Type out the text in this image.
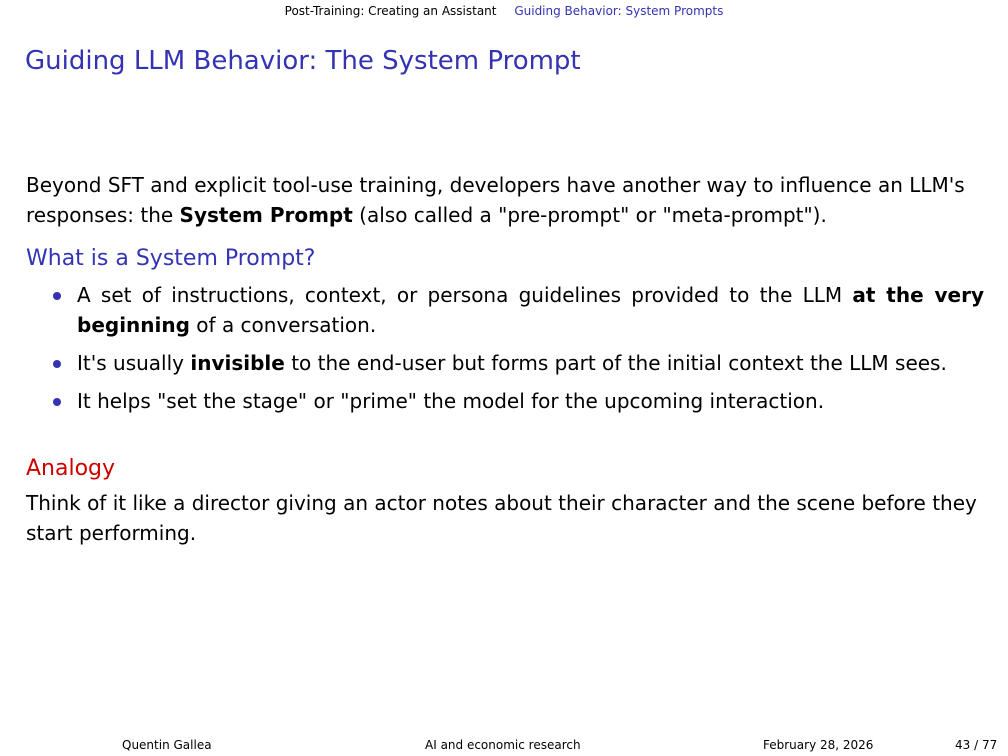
Post-Training: Creating an Assistant Guiding Behavior: System Prompts
Guiding LLM Behavior: The System Prompt

Beyond SFT and explicit tool-use training, developers have another way to influence an LLM's responses: the System Prompt (also called a "pre-prompt" or "meta-prompt").

What is a System Prompt?
A set of instructions, context, or persona guidelines provided to the LLM at the very beginning of a conversation.
It's usually invisible to the end-user but forms part of the initial context the LLM sees.
It helps "set the stage" or "prime" the model for the upcoming interaction.
Analogy
Think of it like a director giving an actor notes about their character and the scene before they start performing.
Quentin Gallea	AI and economic research	February 28, 2026	43 / 77
